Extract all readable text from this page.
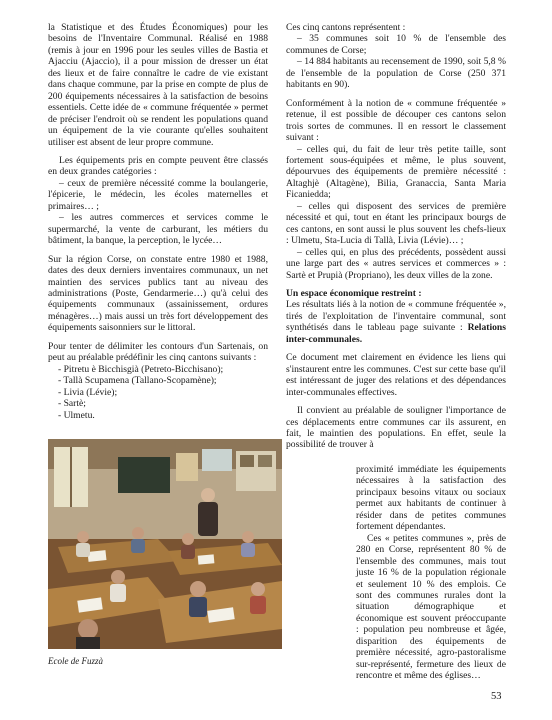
la Statistique et des Études Économiques) pour les besoins de l'Inventaire Communal. Réalisé en 1988 (remis à jour en 1996 pour les seules villes de Bastia et Ajacciu (Ajaccio), il a pour mission de dresser un état des lieux et de faire connaître le cadre de vie existant dans chaque commune, par la prise en compte de plus de 200 équipements nécessaires à la satisfaction de besoins essentiels. Cette idée de « commune fréquentée » permet de préciser l'endroit où se rendent les populations quand un équipement de la vie courante qu'elles souhaitent utiliser est absent de leur propre commune.

Les équipements pris en compte peuvent être classés en deux grandes catégories :

– ceux de première nécessité comme la boulangerie, l'épicerie, le médecin, les écoles maternelles et primaires… ;

– les autres commerces et services comme le supermarché, la vente de carburant, les métiers du bâtiment, la banque, la perception, le lycée…

Sur la région Corse, on constate entre 1980 et 1988, dates des deux derniers inventaires communaux, un net maintien des services publics tant au niveau des administrations (Poste, Gendarmerie…) qu'à celui des équipements communaux (assainissement, ordures ménagères…) mais aussi un très fort développement des équipements saisonniers sur le littoral.

Pour tenter de délimiter les contours d'un Sartenais, on peut au préalable prédéfinir les cinq cantons suivants :

- Pitretu è Bicchisgià (Petreto-Bicchisano);
- Tallà Scupamena (Tallano-Scopamène);
- Livia (Lévie);
- Sartè;
- Ulmetu.

Ces cinq cantons représentent :

– 35 communes soit 10 % de l'ensemble des communes de Corse;

– 14 884 habitants au recensement de 1990, soit 5,8 % de l'ensemble de la population de Corse (250 371 habitants en 90).

Conformément à la notion de « commune fréquentée » retenue, il est possible de découper ces cantons selon trois sortes de communes. Il en ressort le classement suivant :

– celles qui, du fait de leur très petite taille, sont fortement sous-équipées et même, le plus souvent, dépourvues des équipements de première nécessité : Altaghjè (Altagène), Bilia, Granaccia, Santa Maria Ficaniedda;

– celles qui disposent des services de première nécessité et qui, tout en étant les principaux bourgs de ces cantons, en sont aussi le plus souvent les chefs-lieux : Ulmetu, Sta-Lucia di Tallà, Livia (Lévie)… ;

– celles qui, en plus des précédents, possèdent aussi une large part des « autres services et commerces » : Sartè et Prupià (Propriano), les deux villes de la zone.

Un espace économique restreint :

Les résultats liés à la notion de « commune fréquentée », tirés de l'exploitation de l'inventaire communal, sont synthétisés dans le tableau page suivante : Relations inter-communales.

Ce document met clairement en évidence les liens qui s'instaurent entre les communes. C'est sur cette base qu'il est intéressant de juger des relations et des dépendances inter-communales effectives.

Il convient au préalable de souligner l'importance de ces déplacements entre communes car ils assurent, en fait, le maintien des populations. En effet, seule la possibilité de trouver à

Ecole de Fuzzà

proximité immédiate les équipements nécessaires à la satisfaction des principaux besoins vitaux ou sociaux permet aux habitants de continuer à résider dans de petites communes fortement dépendantes.

Ces « petites communes », près de 280 en Corse, représentent 80 % de l'ensemble des communes, mais tout juste 16 % de la population régionale et seulement 10 % des emplois. Ce sont des communes rurales dont la situation démographique et économique est souvent préoccupante : population peu nombreuse et âgée, disparition des équipements de première nécessité, agro-pastoralisme sur-représenté, fermeture des lieux de rencontre et même des églises…

53
